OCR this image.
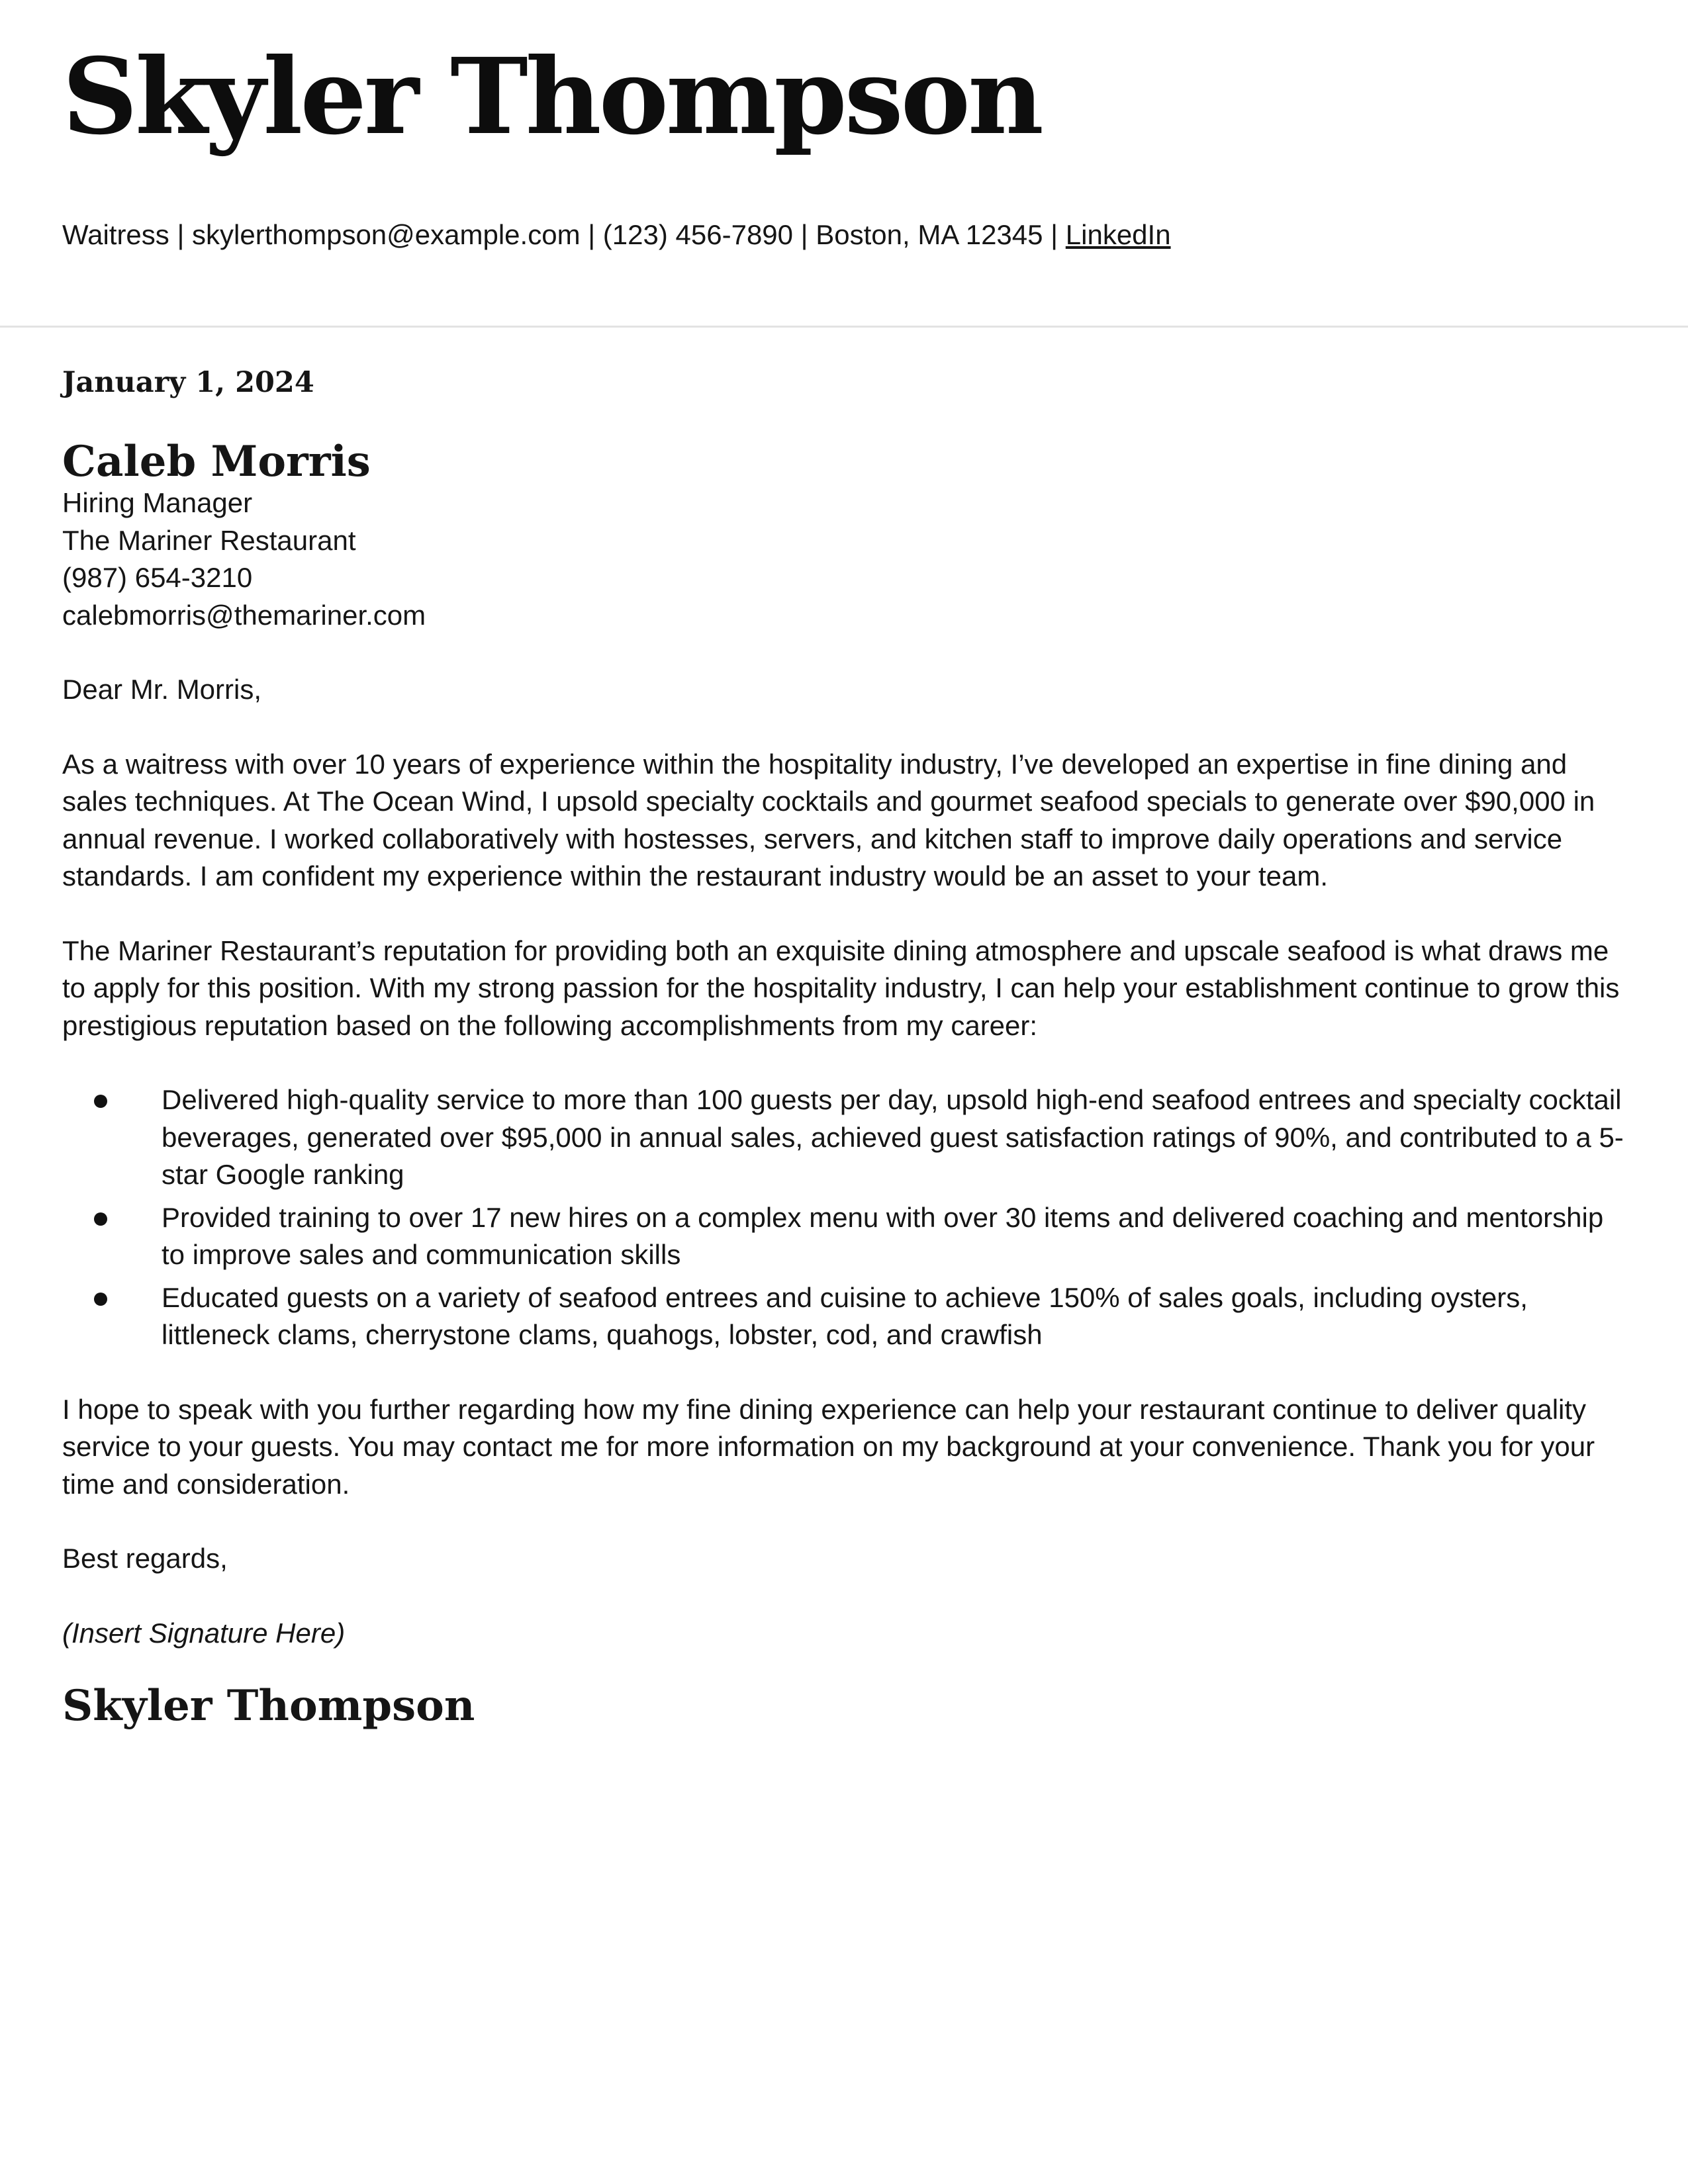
Skyler Thompson
Waitress | skylerthompson@example.com | (123) 456-7890 | Boston, MA 12345 | LinkedIn
January 1, 2024
Caleb Morris
Hiring Manager
The Mariner Restaurant
(987) 654-3210
calebmorris@themariner.com

Dear Mr. Morris,

As a waitress with over 10 years of experience within the hospitality industry, I’ve developed an expertise in fine dining and sales techniques. At The Ocean Wind, I upsold specialty cocktails and gourmet seafood specials to generate over $90,000 in annual revenue. I worked collaboratively with hostesses, servers, and kitchen staff to improve daily operations and service standards. I am confident my experience within the restaurant industry would be an asset to your team.

The Mariner Restaurant’s reputation for providing both an exquisite dining atmosphere and upscale seafood is what draws me to apply for this position. With my strong passion for the hospitality industry, I can help your establishment continue to grow this prestigious reputation based on the following accomplishments from my career:

Delivered high-quality service to more than 100 guests per day, upsold high-end seafood entrees and specialty cocktail beverages, generated over $95,000 in annual sales, achieved guest satisfaction ratings of 90%, and contributed to a 5-star Google ranking
Provided training to over 17 new hires on a complex menu with over 30 items and delivered coaching and mentorship to improve sales and communication skills
Educated guests on a variety of seafood entrees and cuisine to achieve 150% of sales goals, including oysters, littleneck clams, cherrystone clams, quahogs, lobster, cod, and crawfish

I hope to speak with you further regarding how my fine dining experience can help your restaurant continue to deliver quality service to your guests. You may contact me for more information on my background at your convenience. Thank you for your time and consideration.

Best regards,

(Insert Signature Here)

Skyler Thompson
